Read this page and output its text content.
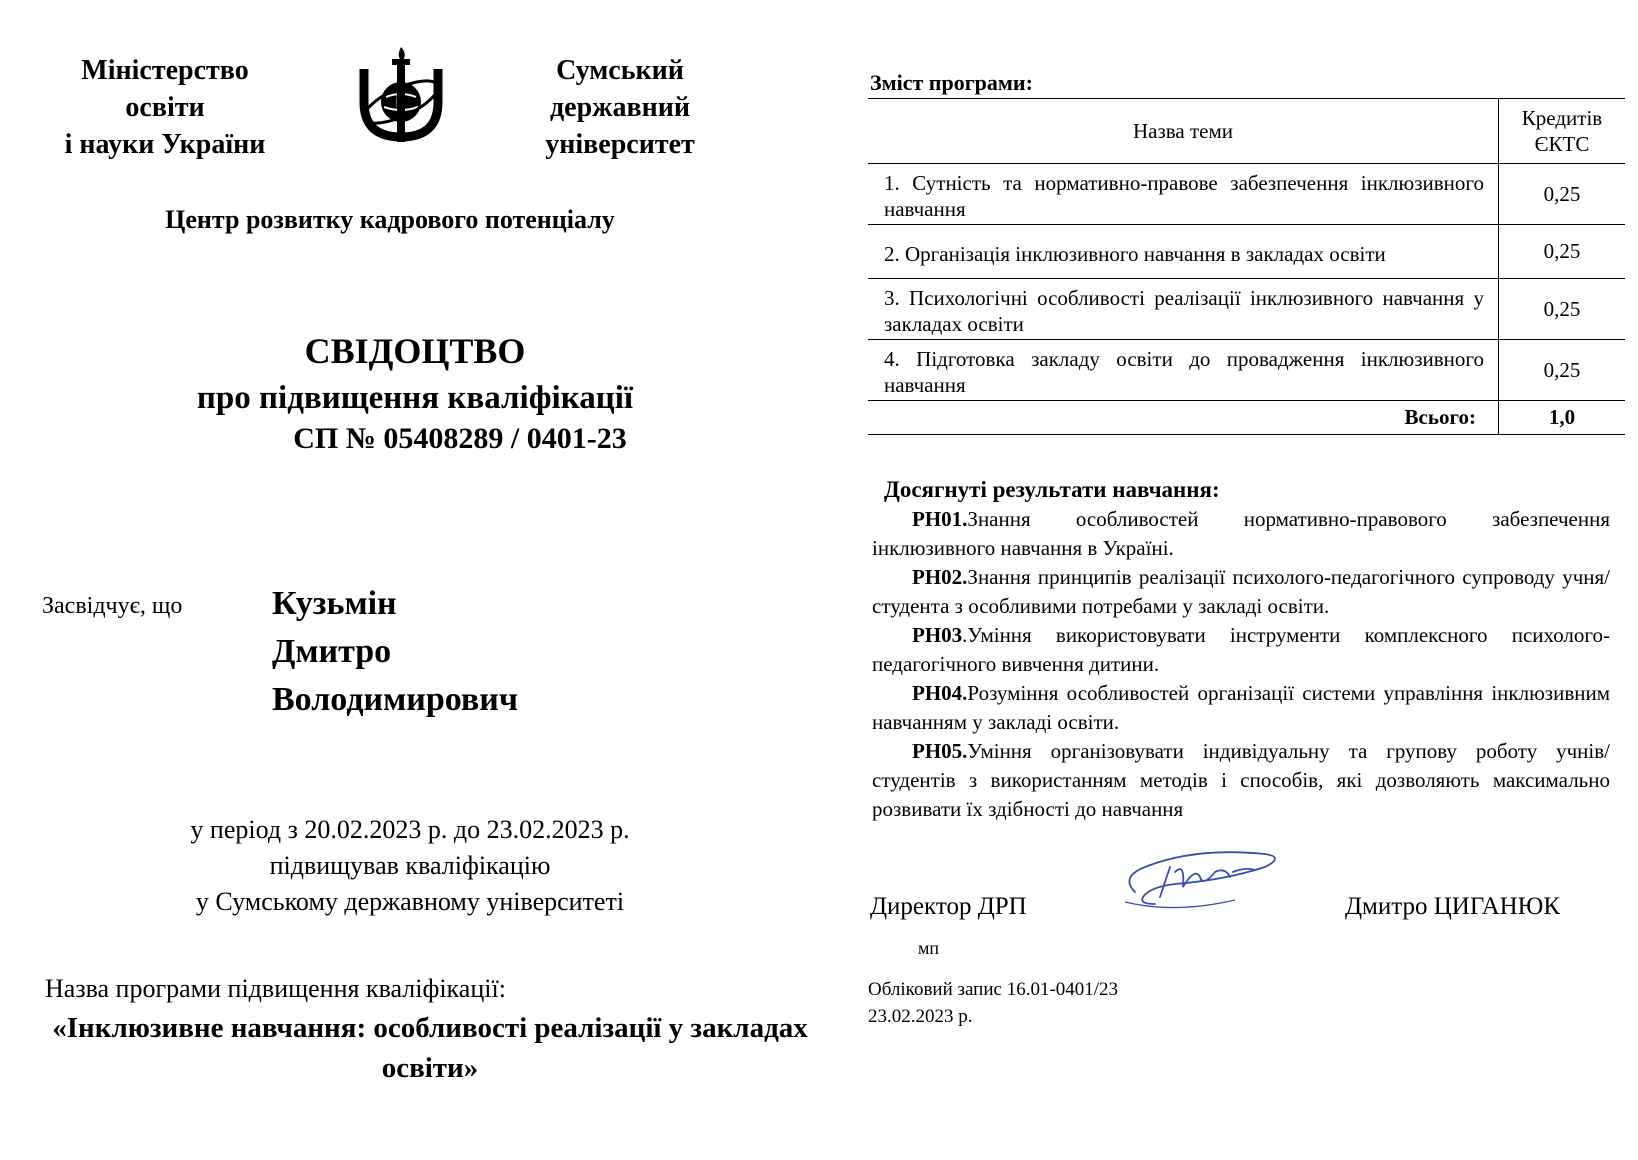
Міністерство
освіти
і науки України
Сумський
державний
університет
Центр розвитку кадрового потенціалу
СВІДОЦТВО
про підвищення кваліфікації
СП № 05408289 / 0401-23
Засвідчує, що	Кузьмін
Дмитро
Володимирович
у період з 20.02.2023 р. до 23.02.2023 р.
підвищував кваліфікацію
у Сумському державному університеті
Назва програми підвищення кваліфікації:
«Інклюзивне навчання: особливості реалізації у закладах освіти»
Зміст програми:
Назва теми	Кредитів
ЄКТС

1. Сутність та нормативно-правове забезпечення інклюзивного навчання	0,25
2. Організація інклюзивного навчання в закладах освіти	0,25
3. Психологічні особливості реалізації інклюзивного навчання у закладах освіти	0,25
4. Підготовка закладу освіти до провадження інклюзивного навчання	0,25
Всього:	1,0
Досягнуті результати навчання:
РН01.Знання особливостей нормативно-правового забезпечення інклюзивного навчання в Україні.
РН02.Знання принципів реалізації психолого-педагогічного супроводу учня/студента з особливими потребами у закладі освіти.
РН03.Уміння використовувати інструменти комплексного психолого-педагогічного вивчення дитини.
РН04.Розуміння особливостей організації системи управління інклюзивним навчанням у закладі освіти.
РН05.Уміння організовувати індивідуальну та групову роботу учнів/студентів з використанням методів і способів, які дозволяють максимально розвивати їх здібності до навчання
Директор ДРП	Дмитро ЦИГАНЮК
мп
Обліковий запис 16.01-0401/23
23.02.2023 р.
